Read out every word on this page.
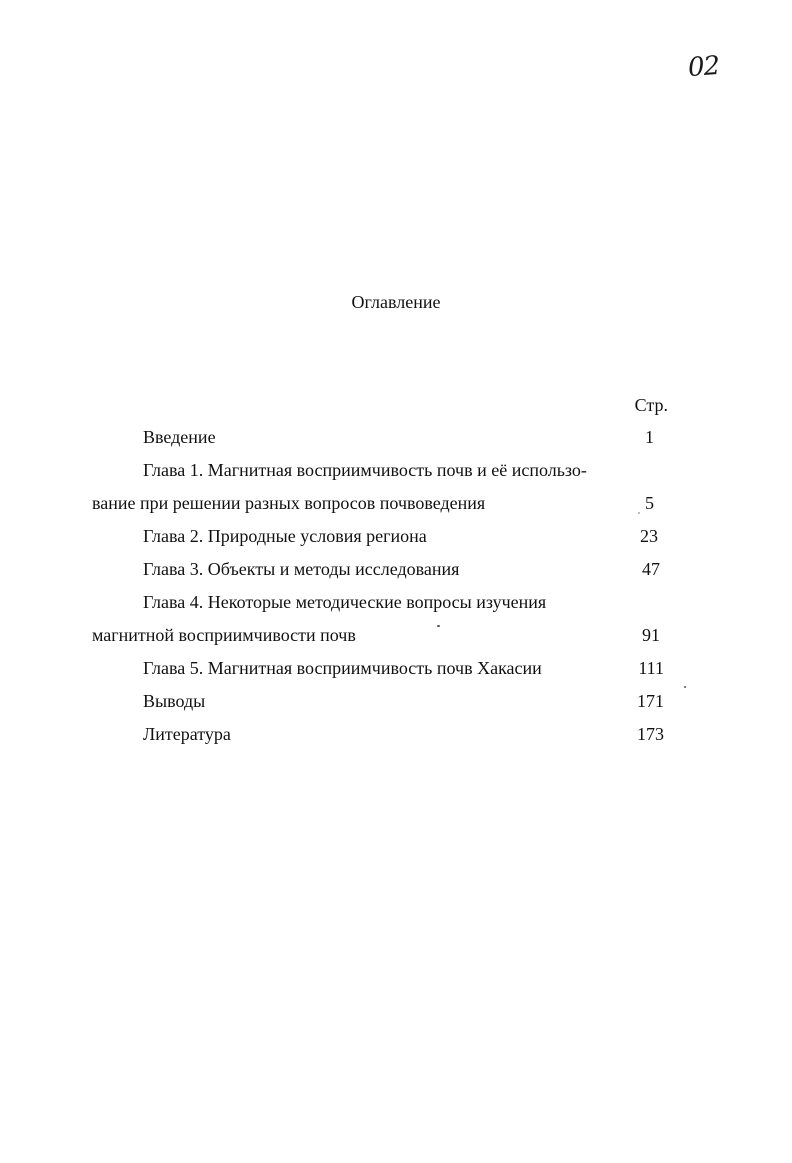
02
Оглавление
Стр.
Введение	1
Глава 1. Магнитная восприимчивость почв и её использо-
вание при решении разных вопросов почвоведения	5
Глава 2. Природные условия региона	23
Глава 3. Объекты и методы исследования	47
Глава 4. Некоторые методические вопросы изучения
магнитной восприимчивости почв	91
Глава 5. Магнитная восприимчивость почв Хакасии	111
Выводы	171
Литература	173
